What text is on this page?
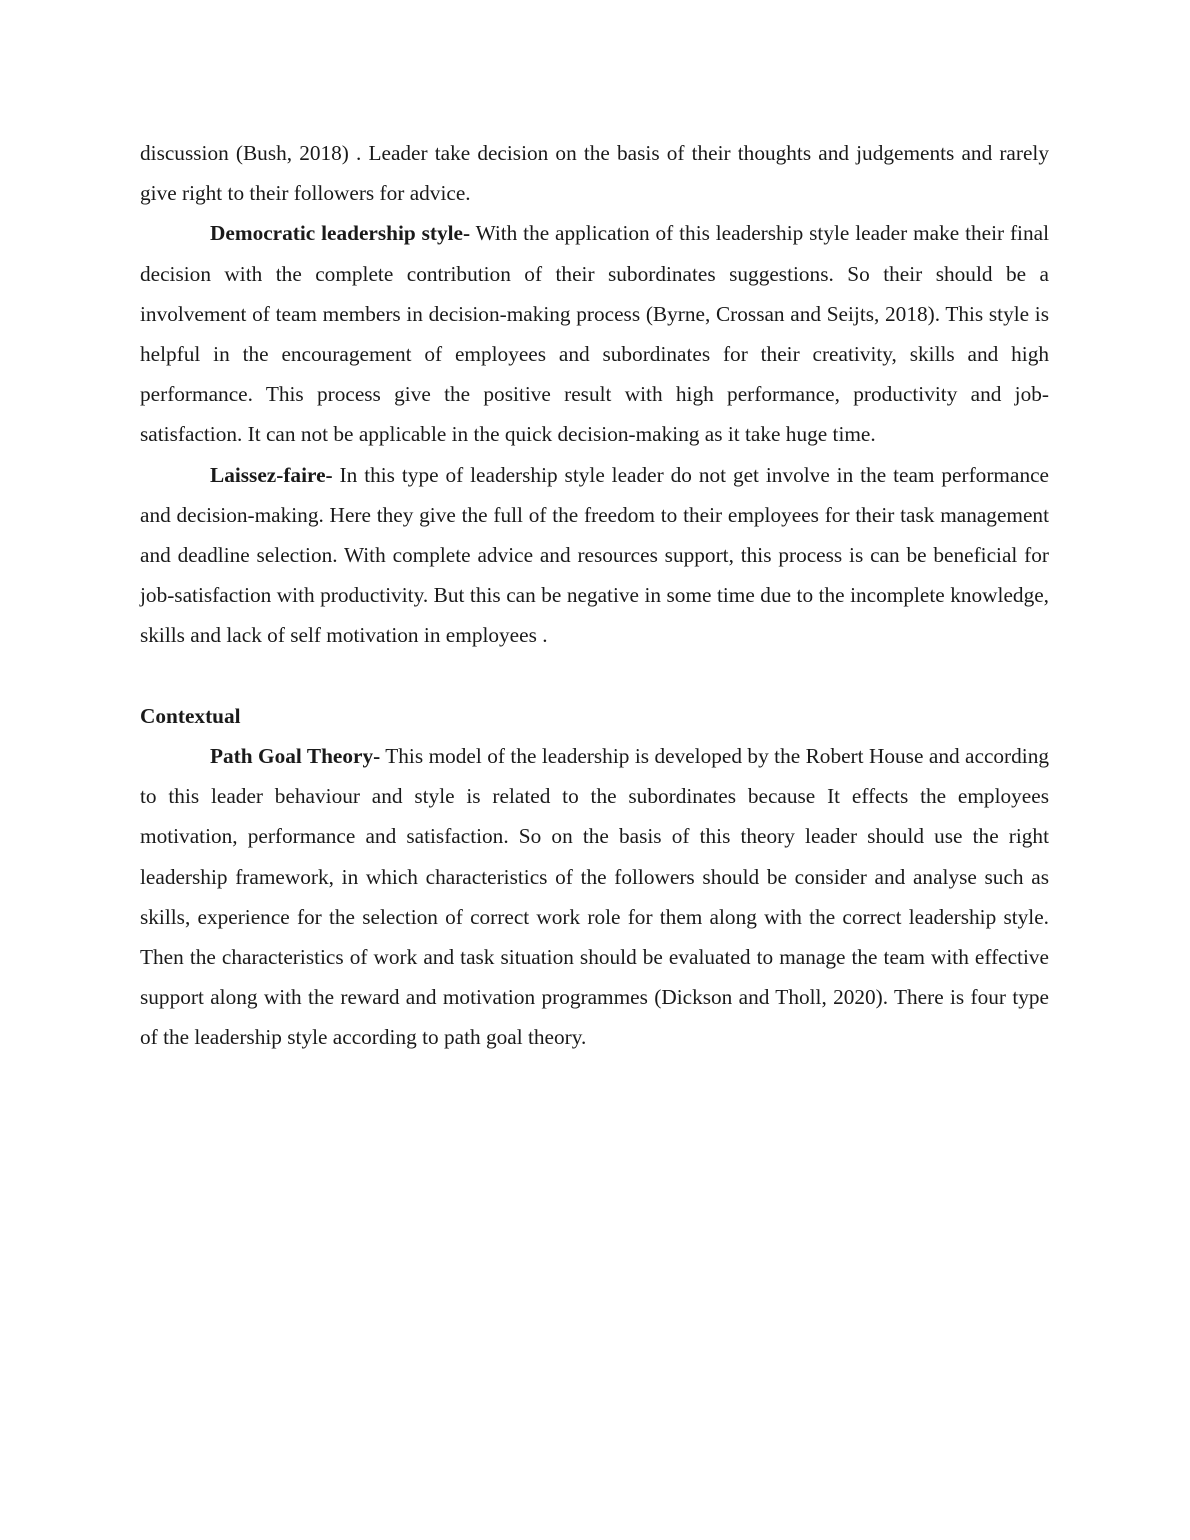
discussion (Bush, 2018) . Leader take decision on the basis of their thoughts and judgements and rarely give right to their followers for advice.

Democratic leadership style- With the application of this leadership style leader make their final decision with the complete contribution of their subordinates suggestions. So their should be a involvement of team members in decision-making process (Byrne, Crossan and Seijts, 2018). This style is helpful in the encouragement of employees and subordinates for their creativity, skills and high performance. This process give the positive result with high performance, productivity and job-satisfaction. It can not be applicable in the quick decision-making as it take huge time.

Laissez-faire- In this type of leadership style leader do not get involve in the team performance and decision-making. Here they give the full of the freedom to their employees for their task management and deadline selection. With complete advice and resources support, this process is can be beneficial for job-satisfaction with productivity. But this can be negative in some time due to the incomplete knowledge, skills and lack of self motivation in employees .

Contextual

Path Goal Theory- This model of the leadership is developed by the Robert House and according to this leader behaviour and style is related to the subordinates because It effects the employees motivation, performance and satisfaction. So on the basis of this theory leader should use the right leadership framework, in which characteristics of the followers should be consider and analyse such as skills, experience for the selection of correct work role for them along with the correct leadership style. Then the characteristics of work and task situation should be evaluated to manage the team with effective support along with the reward and motivation programmes (Dickson and Tholl, 2020). There is four type of the leadership style according to path goal theory.
